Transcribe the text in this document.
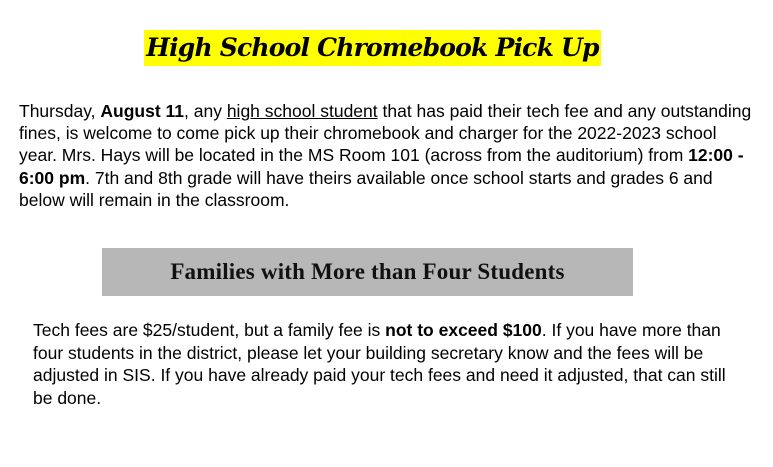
High School Chromebook Pick Up

Thursday, August 11, any high school student that has paid their tech fee and any outstanding fines, is welcome to come pick up their chromebook and charger for the 2022-2023 school year. Mrs. Hays will be located in the MS Room 101 (across from the auditorium) from 12:00 - 6:00 pm. 7th and 8th grade will have theirs available once school starts and grades 6 and below will remain in the classroom.

Families with More than Four Students

Tech fees are $25/student, but a family fee is not to exceed $100. If you have more than four students in the district, please let your building secretary know and the fees will be adjusted in SIS. If you have already paid your tech fees and need it adjusted, that can still be done.
